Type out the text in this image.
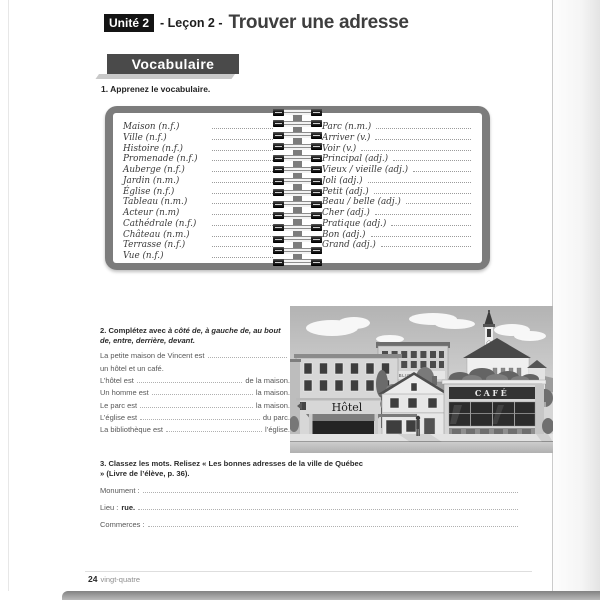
Unité 2 - Leçon 2 - Trouver une adresse
Vocabulaire
1. Apprenez le vocabulaire.
Maison (n.f.)
Ville (n.f.)
Histoire (n.f.)
Promenade (n.f.)
Auberge (n.f.)
Jardin (n.m.)
Église (n.f.)
Tableau (n.m.)
Acteur (n.m)
Cathédrale (n.f.)
Château (n.m.)
Terrasse (n.f.)
Vue (n.f.)
Parc (n.m.)
Arriver (v.)
Voir (v.)
Principal (adj.)
Vieux / vieille (adj.)
Joli (adj.)
Petit (adj.)
Beau / belle (adj.)
Cher (adj.)
Pratique (adj.)
Bon (adj.)
Grand (adj.)
2. Complétez avec à côté de, à gauche de, au bout de, entre, derrière, devant.
La petite maison de Vincent est
un hôtel et un café.
L’hôtel est	de la maison.
Un homme est	la maison.
Le parc est	la maison.
L’église est	du parc.
La bibliothèque est	l’église.
Hôtel
CAFÉ
3. Classez les mots. Relisez « Les bonnes adresses de la ville de Québec » (Livre de l’élève, p. 36).
Monument :
Lieu : rue.
Commerces :
24 vingt-quatre
